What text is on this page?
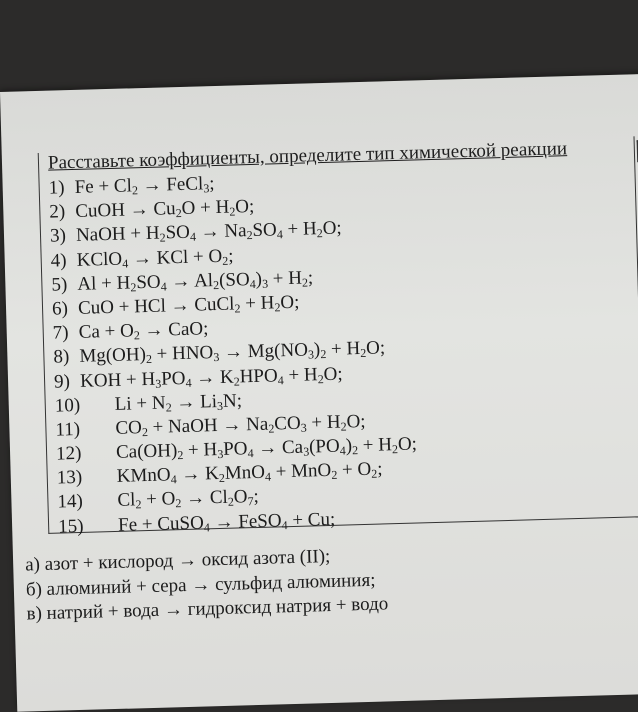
Расставьте коэффициенты, определите тип химической реакции
1) $Fe + Cl_2$ → FeCl$_3$;
2) CuOH → $Cu_2O + H_2O$;
3) NaOH + $H_2SO_4 \to Na_2SO_4 + H_2O$;
4) KClO$_4$ → KCl + $O_2$;
5) $Al + H_2SO_4 \to Al_2(SO_4)_3 + H_2$;
6) CuO + HCl → CuCl$_2$ + $H_2O$;
7) $Ca + O_2$ → CaO;
8) $Mg(OH)_2 + HNO_3 \to Mg(NO_3)_2 + H_2O$;
9) KOH + $H_3PO_4 \to K_2HPO_4 + H_2O$;
10) $Li + N_2 \to Li_3N$;
11) $CO_2$ + NaOH → $Na_2CO_3 + H_2O$;
12) $Ca(OH)_2 + H_3PO_4 \to Ca_3(PO_4)_2 + H_2O$;
13) KMnO$_4$ → $K_2MnO_4 + MnO_2 + O_2$;
14) $Cl_2 + O_2 \to Cl_2O_7$;
15) Fe + CuSO$_4$ → FeSO$_4$ + Cu;
а) азот + кислород → оксид азота (II);
б) алюминий + сера → сульфид алюминия;
в) натрий + вода → гидроксид натрия + водо
